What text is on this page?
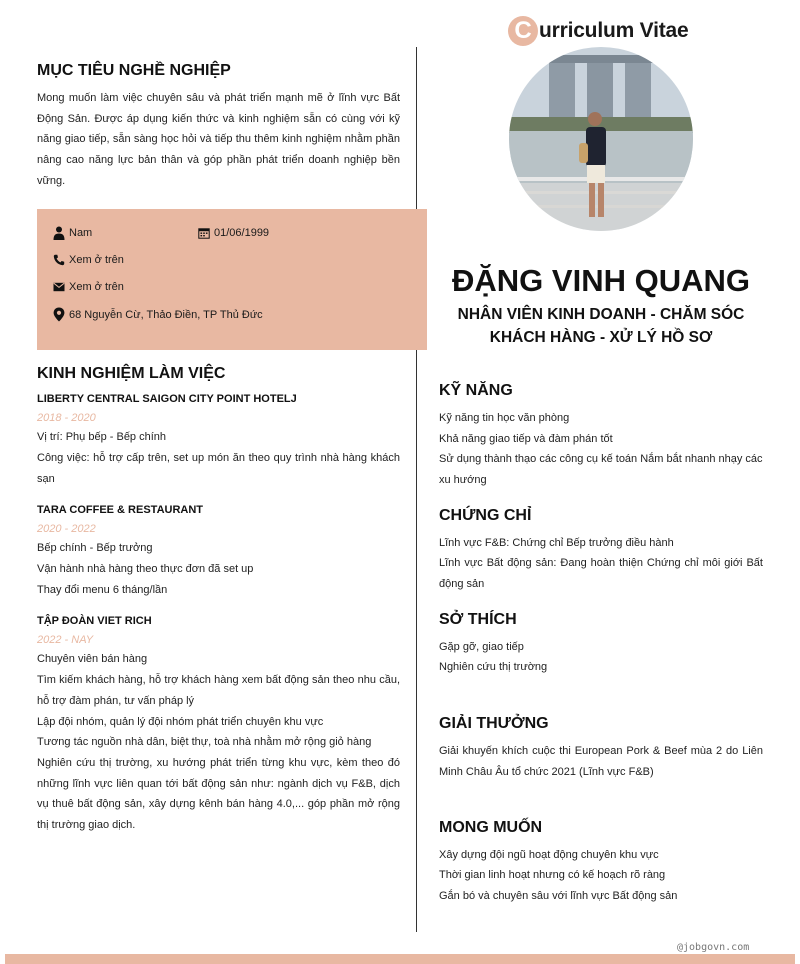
C urriculum Vitae
MỤC TIÊU NGHỀ NGHIỆP
Mong muốn làm việc chuyên sâu và phát triển mạnh mẽ ở lĩnh vực Bất Động Sản. Được áp dụng kiến thức và kinh nghiệm sẵn có cùng với kỹ năng giao tiếp, sẵn sàng học hỏi và tiếp thu thêm kinh nghiệm nhằm phần nâng cao năng lực bản thân và góp phần phát triển doanh nghiệp bền vững.
Nam	01/06/1999
Xem ở trên
Xem ở trên
68 Nguyễn Cừ, Thảo Điền, TP Thủ Đức
KINH NGHIỆM LÀM VIỆC
LIBERTY CENTRAL SAIGON CITY POINT HOTELJ
2018 - 2020
Vị trí: Phụ bếp - Bếp chính
Công việc: hỗ trợ cấp trên, set up món ăn theo quy trình nhà hàng khách sạn
TARA COFFEE & RESTAURANT
2020 - 2022
Bếp chính - Bếp trưởng
Vận hành nhà hàng theo thực đơn đã set up
Thay đổi menu 6 tháng/lần
TẬP ĐOÀN VIET RICH
2022 - NAY
Chuyên viên bán hàng
Tìm kiếm khách hàng, hỗ trợ khách hàng xem bất động sản theo nhu cầu, hỗ trợ đàm phán, tư vấn pháp lý
Lập đội nhóm, quản lý đội nhóm phát triển chuyên khu vực
Tương tác nguồn nhà dân, biệt thự, toà nhà nhằm mở rộng giỏ hàng
Nghiên cứu thị trường, xu hướng phát triển từng khu vực, kèm theo đó những lĩnh vực liên quan tới bất động sản như: ngành dịch vụ F&B, dịch vụ thuê bất động sản, xây dựng kênh bán hàng 4.0,... góp phần mở rộng thị trường giao dịch.
ĐẶNG VINH QUANG
NHÂN VIÊN KINH DOANH - CHĂM SÓC
KHÁCH HÀNG - XỬ LÝ HỒ SƠ
KỸ NĂNG
Kỹ năng tin học văn phòng
Khả năng giao tiếp và đàm phán tốt
Sử dụng thành thạo các công cụ kế toán Nắm bắt nhanh nhạy các xu hướng
CHỨNG CHỈ
Lĩnh vực F&B: Chứng chỉ Bếp trưởng điều hành
Lĩnh vực Bất động sản: Đang hoàn thiện Chứng chỉ môi giới Bất động sản
SỞ THÍCH
Gặp gỡ, giao tiếp
Nghiên cứu thị trường
GIẢI THƯỞNG
Giải khuyến khích cuộc thi European Pork & Beef mùa 2 do Liên Minh Châu Âu tổ chức 2021 (Lĩnh vực F&B)
MONG MUỐN
Xây dựng đội ngũ hoạt động chuyên khu vực
Thời gian linh hoạt nhưng có kế hoạch rõ ràng
Gắn bó và chuyên sâu với lĩnh vực Bất động sản
@jobgovn.com
